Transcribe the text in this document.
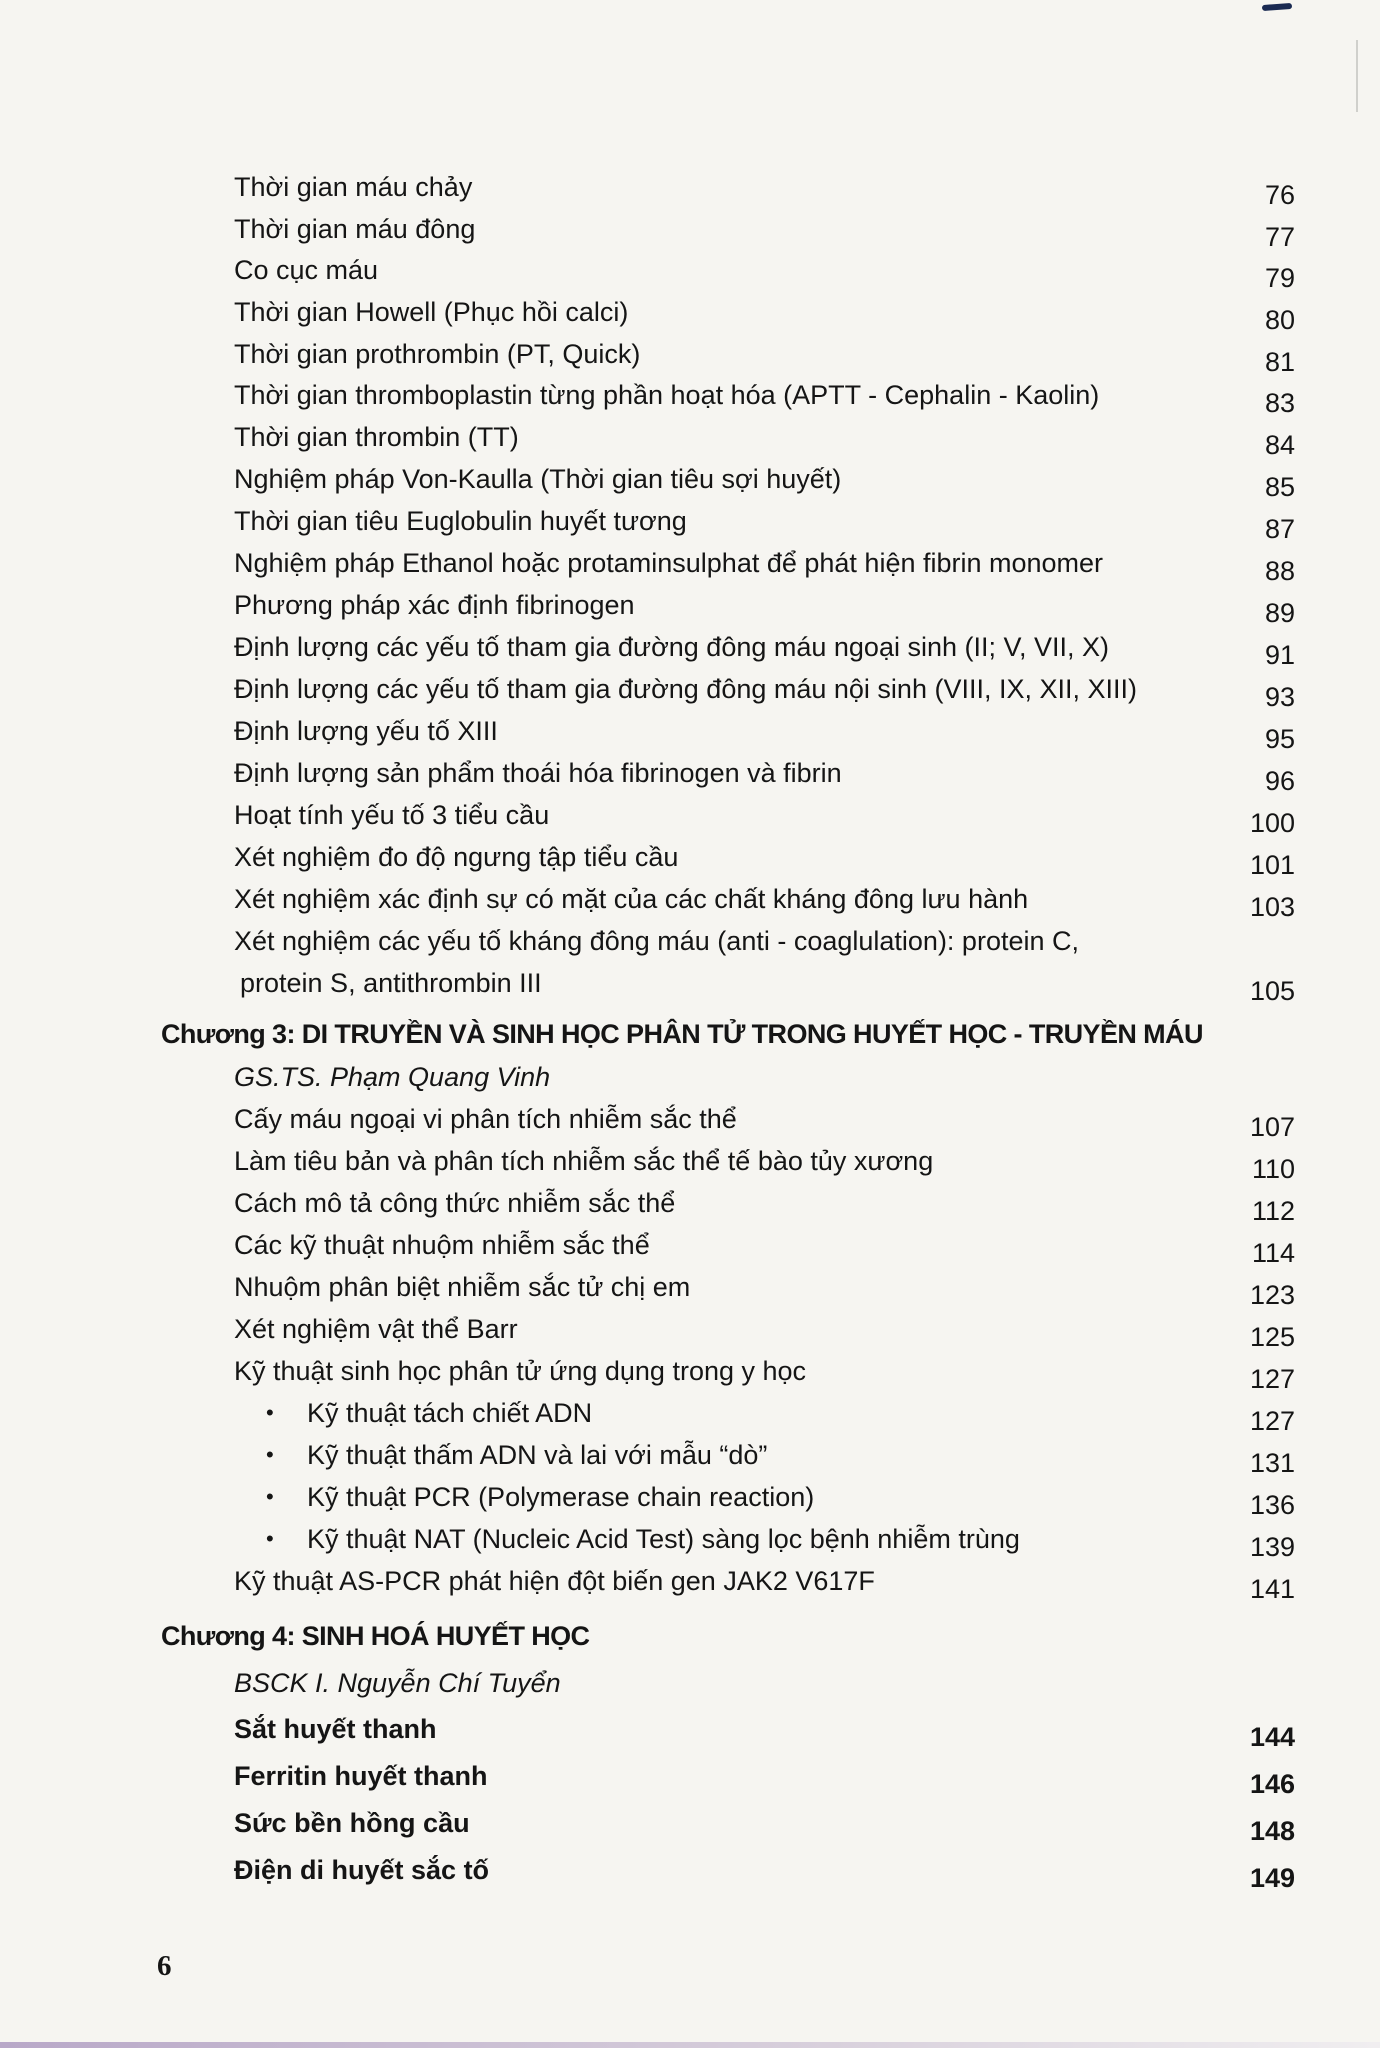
Thời gian máu chảy	76
Thời gian máu đông	77
Co cục máu	79
Thời gian Howell (Phục hồi calci)	80
Thời gian prothrombin (PT, Quick)	81
Thời gian thromboplastin từng phần hoạt hóa (APTT - Cephalin - Kaolin)	83
Thời gian thrombin (TT)	84
Nghiệm pháp Von-Kaulla (Thời gian tiêu sợi huyết)	85
Thời gian tiêu Euglobulin huyết tương	87
Nghiệm pháp Ethanol hoặc protaminsulphat để phát hiện fibrin monomer	88
Phương pháp xác định fibrinogen	89
Định lượng các yếu tố tham gia đường đông máu ngoại sinh (II; V, VII, X)	91
Định lượng các yếu tố tham gia đường đông máu nội sinh (VIII, IX, XII, XIII)	93
Định lượng yếu tố XIII	95
Định lượng sản phẩm thoái hóa fibrinogen và fibrin	96
Hoạt tính yếu tố 3 tiểu cầu	100
Xét nghiệm đo độ ngưng tập tiểu cầu	101
Xét nghiệm xác định sự có mặt của các chất kháng đông lưu hành	103
Xét nghiệm các yếu tố kháng đông máu (anti - coaglulation): protein C,
protein S, antithrombin III	105
Chương 3: DI TRUYỀN VÀ SINH HỌC PHÂN TỬ TRONG HUYẾT HỌC - TRUYỀN MÁU
GS.TS. Phạm Quang Vinh
Cấy máu ngoại vi phân tích nhiễm sắc thể	107
Làm tiêu bản và phân tích nhiễm sắc thể tế bào tủy xương	110
Cách mô tả công thức nhiễm sắc thể	112
Các kỹ thuật nhuộm nhiễm sắc thể	114
Nhuộm phân biệt nhiễm sắc tử chị em	123
Xét nghiệm vật thể Barr	125
Kỹ thuật sinh học phân tử ứng dụng trong y học	127
• Kỹ thuật tách chiết ADN	127
• Kỹ thuật thấm ADN và lai với mẫu “dò”	131
• Kỹ thuật PCR (Polymerase chain reaction)	136
• Kỹ thuật NAT (Nucleic Acid Test) sàng lọc bệnh nhiễm trùng	139
Kỹ thuật AS-PCR phát hiện đột biến gen JAK2 V617F	141
Chương 4: SINH HOÁ HUYẾT HỌC
BSCK I. Nguyễn Chí Tuyển
Sắt huyết thanh	144
Ferritin huyết thanh	146
Sức bền hồng cầu	148
Điện di huyết sắc tố	149
6
